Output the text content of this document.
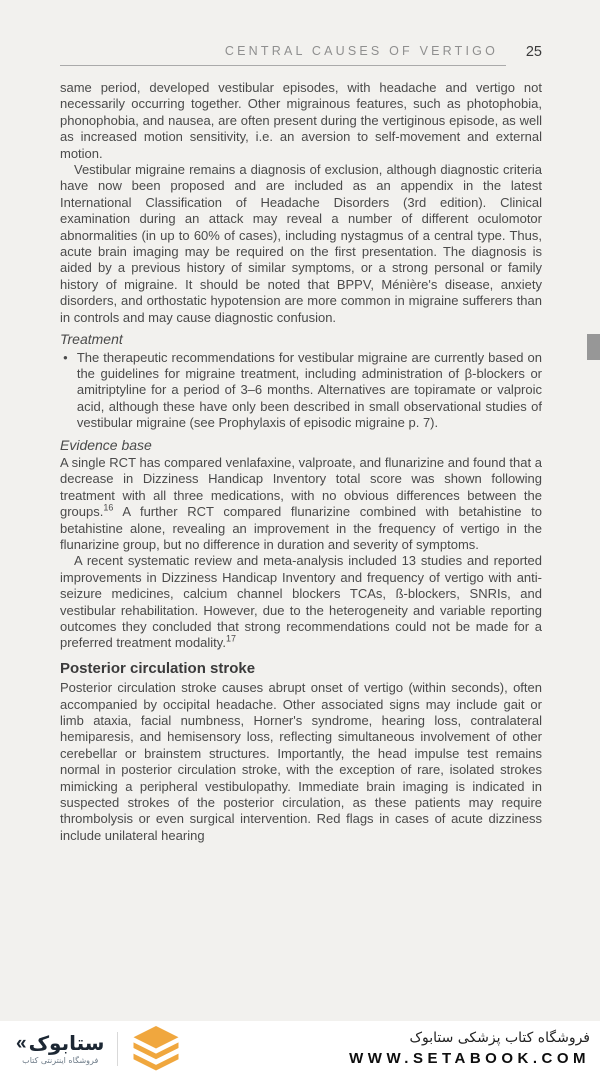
CENTRAL CAUSES OF VERTIGO	25

same period, developed vestibular episodes, with headache and vertigo not necessarily occurring together. Other migrainous features, such as photophobia, phonophobia, and nausea, are often present during the vertiginous episode, as well as increased motion sensitivity, i.e. an aversion to self-movement and external motion.

Vestibular migraine remains a diagnosis of exclusion, although diagnostic criteria have now been proposed and are included as an appendix in the latest International Classification of Headache Disorders (3rd edition). Clinical examination during an attack may reveal a number of different oculomotor abnormalities (in up to 60% of cases), including nystagmus of a central type. Thus, acute brain imaging may be required on the first presentation. The diagnosis is aided by a previous history of similar symptoms, or a strong personal or family history of migraine. It should be noted that BPPV, Ménière's disease, anxiety disorders, and orthostatic hypotension are more common in migraine sufferers than in controls and may cause diagnostic confusion.

Treatment
● The therapeutic recommendations for vestibular migraine are currently based on the guidelines for migraine treatment, including administration of β-blockers or amitriptyline for a period of 3–6 months. Alternatives are topiramate or valproic acid, although these have only been described in small observational studies of vestibular migraine (see Prophylaxis of episodic migraine p. 7).
Evidence base

A single RCT has compared venlafaxine, valproate, and flunarizine and found that a decrease in Dizziness Handicap Inventory total score was shown following treatment with all three medications, with no obvious differences between the groups.$^{16}$ A further RCT compared flunarizine combined with betahistine to betahistine alone, revealing an improvement in the frequency of vertigo in the flunarizine group, but no difference in duration and severity of symptoms.

A recent systematic review and meta-analysis included 13 studies and reported improvements in Dizziness Handicap Inventory and frequency of vertigo with anti-seizure medicines, calcium channel blockers TCAs, ß-blockers, SNRIs, and vestibular rehabilitation. However, due to the heterogeneity and variable reporting outcomes they concluded that strong recommendations could not be made for a preferred treatment modality.$^{17}$

Posterior circulation stroke

Posterior circulation stroke causes abrupt onset of vertigo (within seconds), often accompanied by occipital headache. Other associated signs may include gait or limb ataxia, facial numbness, Horner's syndrome, hearing loss, contralateral hemiparesis, and hemisensory loss, reflecting simultaneous involvement of other cerebellar or brainstem structures. Importantly, the head impulse test remains normal in posterior circulation stroke, with the exception of rare, isolated strokes mimicking a peripheral vestibulopathy. Immediate brain imaging is indicated in suspected strokes of the posterior circulation, as these patients may require thrombolysis or even surgical intervention. Red flags in cases of acute dizziness include unilateral hearing

« ستابوک
فروشگاه اینترنتی کتاب
فروشگاه کتاب پزشکی ستابوک
WWW.SETABOOK.COM
